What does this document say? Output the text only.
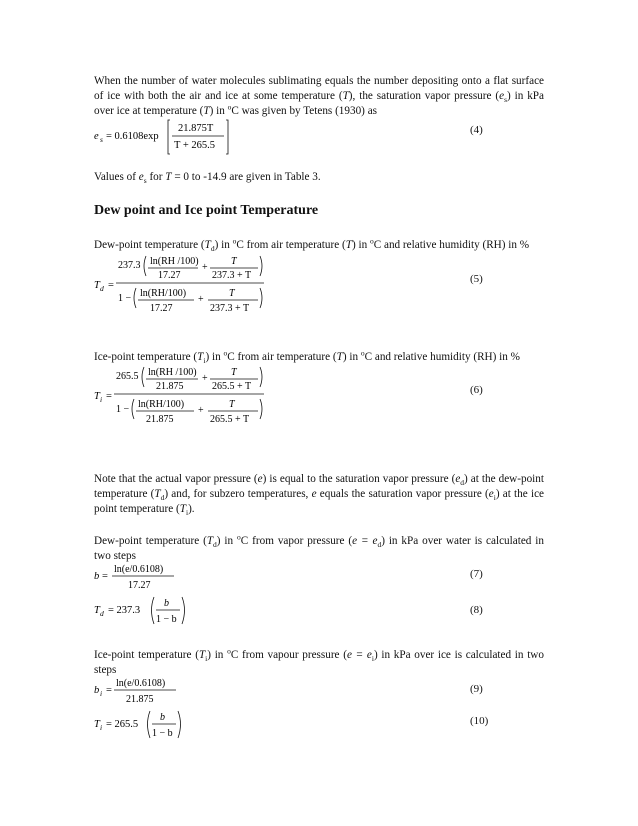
When the number of water molecules sublimating equals the number depositing onto a flat surface of ice with both the air and ice at some temperature (T), the saturation vapor pressure $(e_s)$ in kPa over ice at temperature (T) in $^o$C was given by Tetens (1930) as
e s = 0.6108exp
21.875T
T + 265.5
(4)
Values of $e_s$ for T = 0 to -14.9 are given in Table 3.
Dew point and Ice point Temperature
Dew-point temperature $(T_d)$ in $^o$C from air temperature (T) in $^o$C and relative humidity (RH) in %
T d =
237.3 ln(RH /100)
17.27
+
T
237.3 + T
1 − ln(RH/100)
17.27
+
T
237.3 + T
(5)
Ice-point temperature $(T_i)$ in $^o$C from air temperature (T) in $^o$C and relative humidity (RH) in %
T i =
265.5 ln(RH /100)
21.875
+
T
265.5 + T
1 − ln(RH/100)
21.875
+
T
265.5 + T
(6)
Note that the actual vapor pressure (e) is equal to the saturation vapor pressure $(e_d)$ at the dew-point temperature $(T_d)$ and, for subzero temperatures, e equals the saturation vapor pressure $(e_i)$ at the ice point temperature $(T_i)$.
Dew-point temperature $(T_d)$ in $^o$C from vapor pressure $(e = e_d)$ in kPa over water is calculated in two steps
b =
ln(e/0.6108)
17.27
(7)
T d = 237.3
b
1 − b
(8)
Ice-point temperature $(T_i)$ in $^o$C from vapour pressure $(e = e_i)$ in kPa over ice is calculated in two steps
b i =
ln(e/0.6108)
21.875
(9)
T i = 265.5
b
1 − b
(10)
